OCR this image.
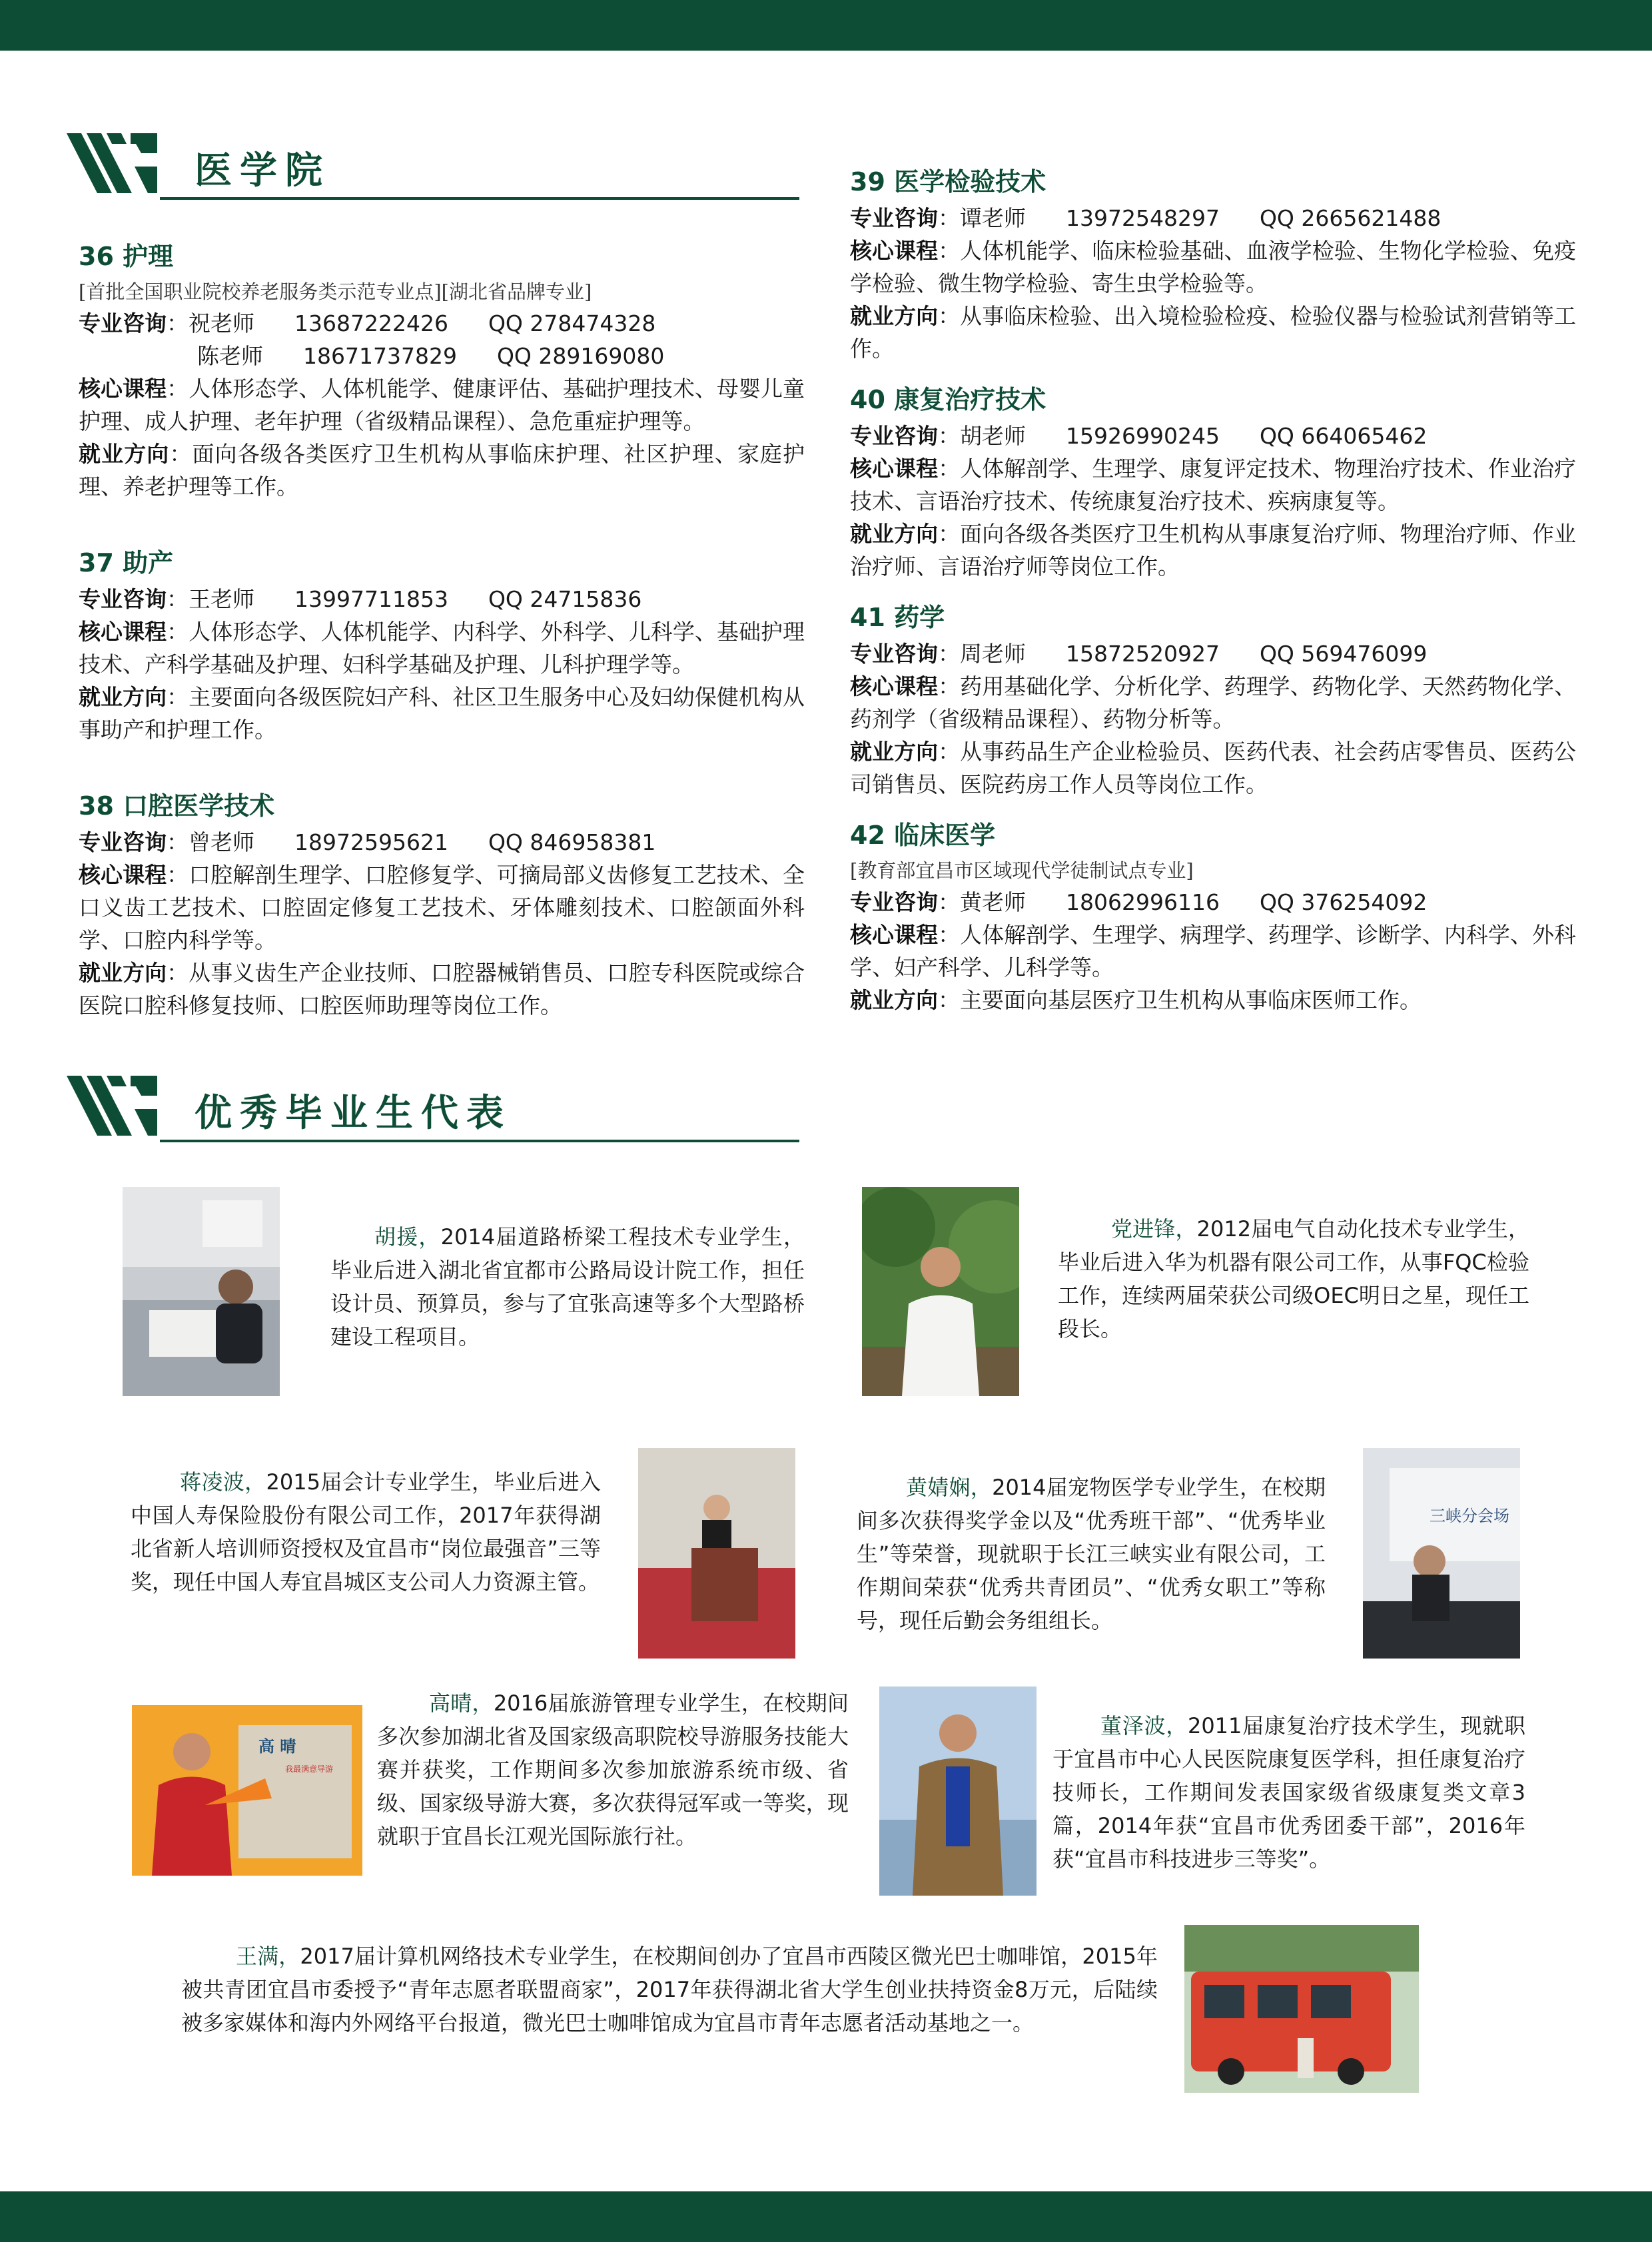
医学院
优秀毕业生代表
36 护理
[首批全国职业院校养老服务类示范专业点][湖北省品牌专业]
专业咨询：祝老师 13687222426 QQ 278474328
陈老师 18671737829 QQ 289169080
核心课程：人体形态学、人体机能学、健康评估、基础护理技术、母婴儿童护理、成人护理、老年护理（省级精品课程）、急危重症护理等。
就业方向：面向各级各类医疗卫生机构从事临床护理、社区护理、家庭护理、养老护理等工作。
37 助产
专业咨询：王老师 13997711853 QQ 24715836
核心课程：人体形态学、人体机能学、内科学、外科学、儿科学、基础护理技术、产科学基础及护理、妇科学基础及护理、儿科护理学等。
就业方向：主要面向各级医院妇产科、社区卫生服务中心及妇幼保健机构从事助产和护理工作。
38 口腔医学技术
专业咨询：曾老师 18972595621 QQ 846958381
核心课程：口腔解剖生理学、口腔修复学、可摘局部义齿修复工艺技术、全口义齿工艺技术、口腔固定修复工艺技术、牙体雕刻技术、口腔颌面外科学、口腔内科学等。
就业方向：从事义齿生产企业技师、口腔器械销售员、口腔专科医院或综合医院口腔科修复技师、口腔医师助理等岗位工作。
39 医学检验技术
专业咨询：谭老师 13972548297 QQ 2665621488
核心课程：人体机能学、临床检验基础、血液学检验、生物化学检验、免疫学检验、微生物学检验、寄生虫学检验等。
就业方向：从事临床检验、出入境检验检疫、检验仪器与检验试剂营销等工作。
40 康复治疗技术
专业咨询：胡老师 15926990245 QQ 664065462
核心课程：人体解剖学、生理学、康复评定技术、物理治疗技术、作业治疗技术、言语治疗技术、传统康复治疗技术、疾病康复等。
就业方向：面向各级各类医疗卫生机构从事康复治疗师、物理治疗师、作业治疗师、言语治疗师等岗位工作。
41 药学
专业咨询：周老师 15872520927 QQ 569476099
核心课程：药用基础化学、分析化学、药理学、药物化学、天然药物化学、药剂学（省级精品课程）、药物分析等。
就业方向：从事药品生产企业检验员、医药代表、社会药店零售员、医药公司销售员、医院药房工作人员等岗位工作。
42 临床医学
[教育部宜昌市区域现代学徒制试点专业]
专业咨询：黄老师 18062996116 QQ 376254092
核心课程：人体解剖学、生理学、病理学、药理学、诊断学、内科学、外科学、妇产科学、儿科学等。
就业方向：主要面向基层医疗卫生机构从事临床医师工作。
胡援，2014届道路桥梁工程技术专业学生，毕业后进入湖北省宜都市公路局设计院工作，担任设计员、预算员，参与了宜张高速等多个大型路桥建设工程项目。
党进锋，2012届电气自动化技术专业学生，毕业后进入华为机器有限公司工作，从事FQC检验工作，连续两届荣获公司级OEC明日之星，现任工段长。
蒋凌波，2015届会计专业学生，毕业后进入中国人寿保险股份有限公司工作，2017年获得湖北省新人培训师资授权及宜昌市“岗位最强音”三等奖，现任中国人寿宜昌城区支公司人力资源主管。
黄婧娴，2014届宠物医学专业学生，在校期间多次获得奖学金以及“优秀班干部”、“优秀毕业生”等荣誉，现就职于长江三峡实业有限公司，工作期间荣获“优秀共青团员”、“优秀女职工”等称号，现任后勤会务组组长。
三峡分会场
高 晴
我最满意导游
高晴，2016届旅游管理专业学生，在校期间多次参加湖北省及国家级高职院校导游服务技能大赛并获奖，工作期间多次参加旅游系统市级、省级、国家级导游大赛，多次获得冠军或一等奖，现就职于宜昌长江观光国际旅行社。
董泽波，2011届康复治疗技术学生，现就职于宜昌市中心人民医院康复医学科，担任康复治疗技师长，工作期间发表国家级省级康复类文章3篇，2014年获“宜昌市优秀团委干部”，2016年获“宜昌市科技进步三等奖”。
王满，2017届计算机网络技术专业学生，在校期间创办了宜昌市西陵区微光巴士咖啡馆，2015年被共青团宜昌市委授予“青年志愿者联盟商家”，2017年获得湖北省大学生创业扶持资金8万元，后陆续被多家媒体和海内外网络平台报道，微光巴士咖啡馆成为宜昌市青年志愿者活动基地之一。
